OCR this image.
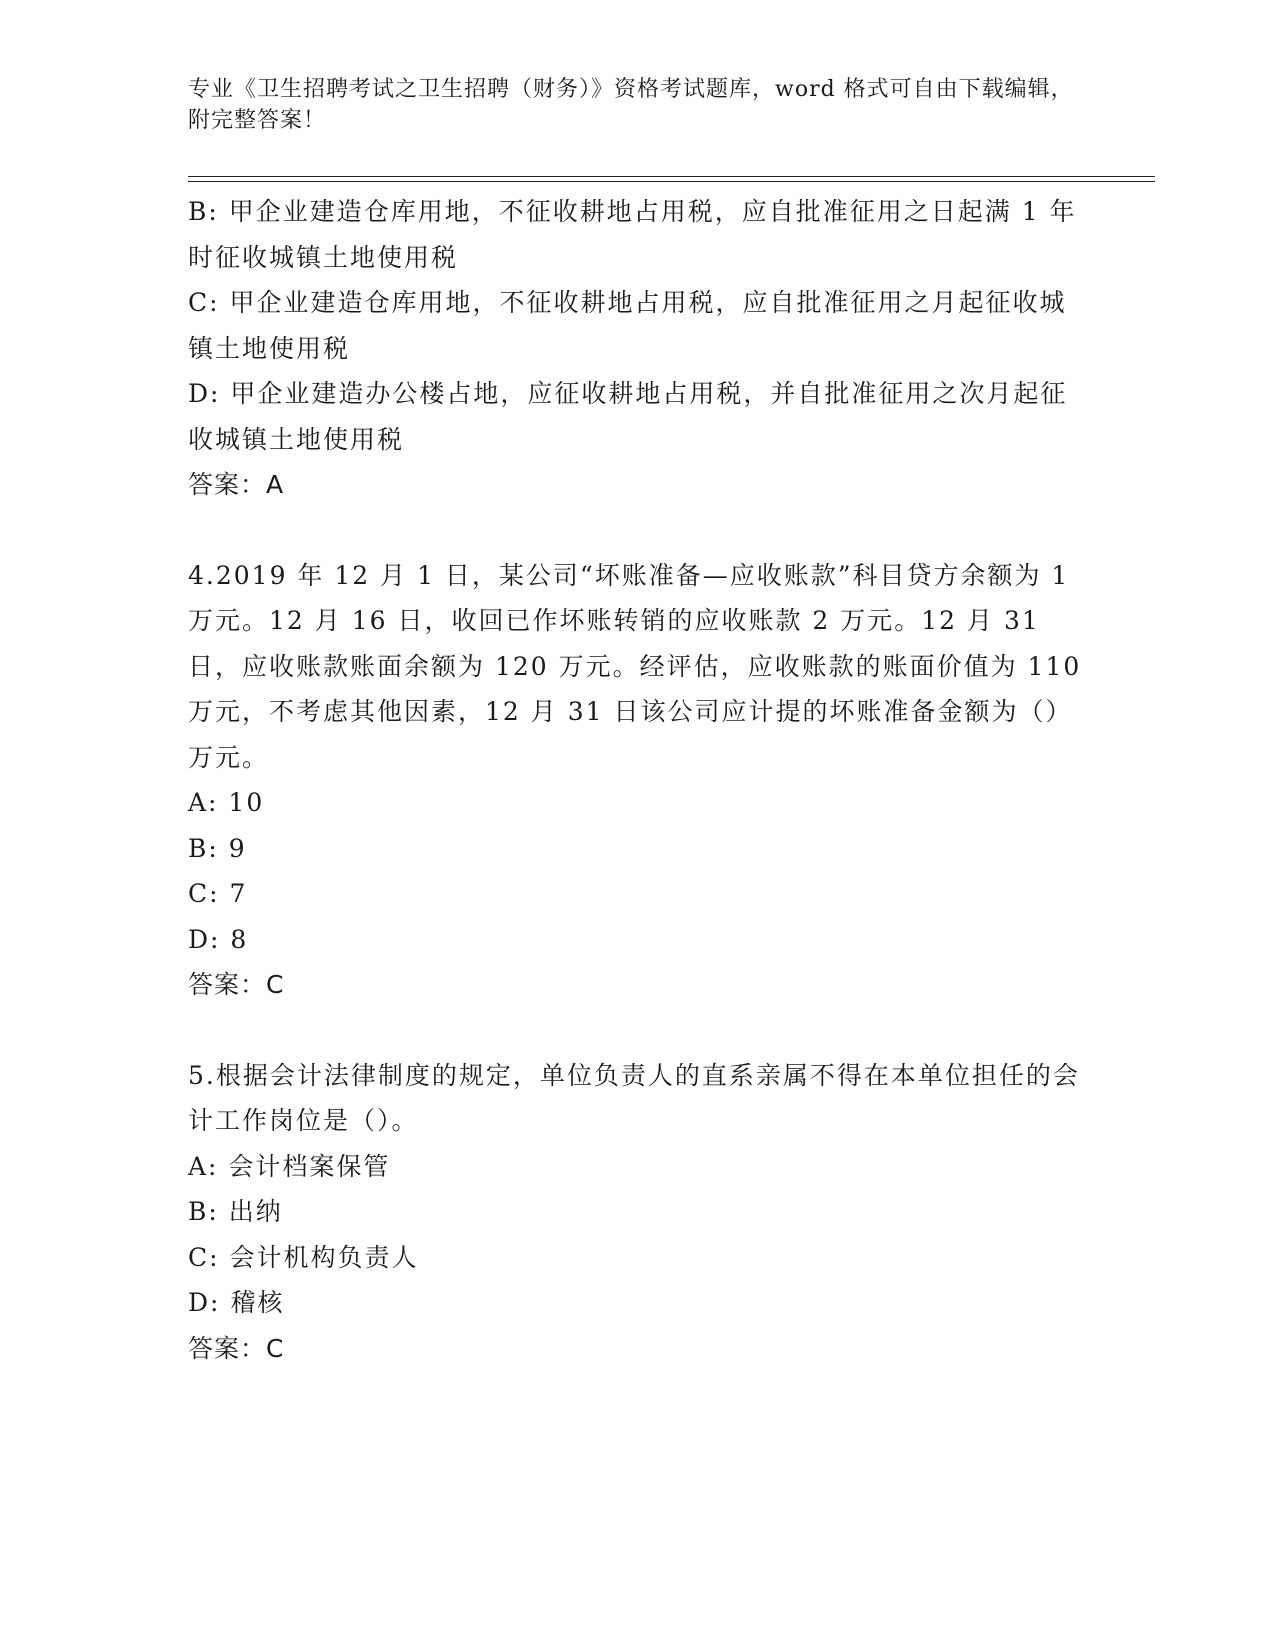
专业《卫生招聘考试之卫生招聘（财务）》资格考试题库，word 格式可自由下载编辑，附完整答案！

B: 甲企业建造仓库用地，不征收耕地占用税，应自批准征用之日起满 1 年时征收城镇土地使用税

C: 甲企业建造仓库用地，不征收耕地占用税，应自批准征用之月起征收城镇土地使用税

D: 甲企业建造办公楼占地，应征收耕地占用税，并自批准征用之次月起征收城镇土地使用税

答案：A

4.2019 年 12 月 1 日，某公司“坏账准备—应收账款”科目贷方余额为 1 万元。12 月 16 日，收回已作坏账转销的应收账款 2 万元。12 月 31 日，应收账款账面余额为 120 万元。经评估，应收账款的账面价值为 110 万元，不考虑其他因素，12 月 31 日该公司应计提的坏账准备金额为（）万元。

A: 10

B: 9

C: 7

D: 8

答案：C

5.根据会计法律制度的规定，单位负责人的直系亲属不得在本单位担任的会计工作岗位是（）。

A: 会计档案保管

B: 出纳

C: 会计机构负责人

D: 稽核

答案：C
